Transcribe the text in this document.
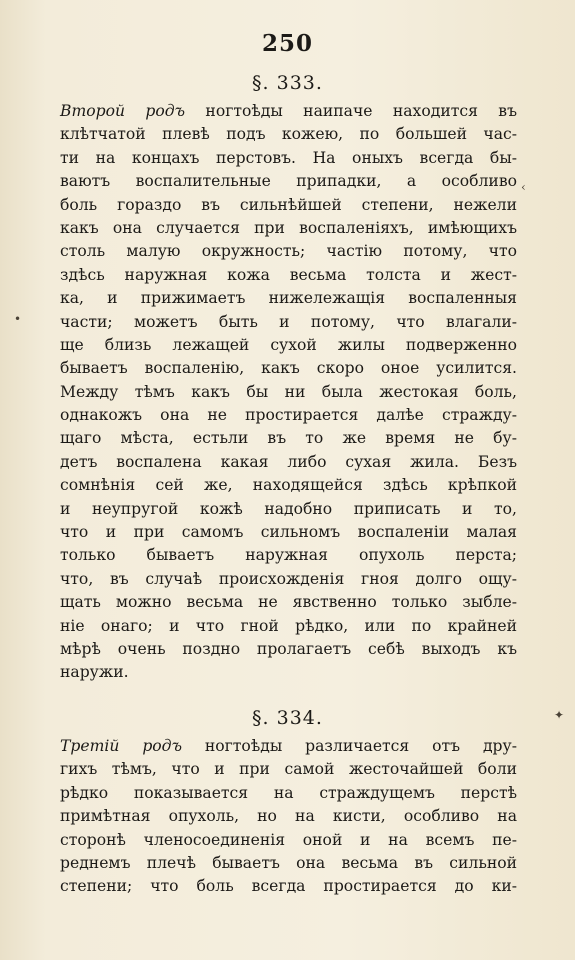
250
§. 333.
Второй родъ ногтоѣды наипаче находится въ
клѣтчатой плевѣ подъ кожею, по большей час-
ти на концахъ перстовъ. На оныхъ всегда бы-
ваютъ воспалительные припадки, а особливо
боль гораздо въ сильнѣйшей степени, нежели
какъ она случается при воспаленіяхъ, имѣющихъ
столь малую окружность; частію потому, что
здѣсь наружная кожа весьма толста и жест-
ка, и прижимаетъ нижележащія воспаленныя
части; можетъ быть и потому, что влагали-
ще близь лежащей сухой жилы подверженно
бываетъ воспаленію, какъ скоро оное усилится.
Между тѣмъ какъ бы ни была жестокая боль,
однакожъ она не простирается далѣе стражду-
щаго мѣста, естьли въ то же время не бу-
детъ воспалена какая либо сухая жила. Безъ
сомнѣнія сей же, находящейся здѣсь крѣпкой
и неупругой кожѣ надобно приписать и то,
что и при самомъ сильномъ воспаленіи малая
только бываетъ наружная опухоль перста;
что, въ случаѣ происхожденія гноя долго ощу-
щать можно весьма не явственно только зыбле-
ніе онаго; и что гной рѣдко, или по крайней
мѣрѣ очень поздно пролагаетъ себѣ выходъ къ
наружи.
§. 334.
Третій родъ ногтоѣды различается отъ дру-
гихъ тѣмъ, что и при самой жесточайшей боли
рѣдко показывается на страждущемъ перстѣ
примѣтная опухоль, но на кисти, особливо на
сторонѣ членосоединенія оной и на всемъ пе-
реднемъ плечѣ бываетъ она весьма въ сильной
степени; что боль всегда простирается до ки-
•
✦
‹
